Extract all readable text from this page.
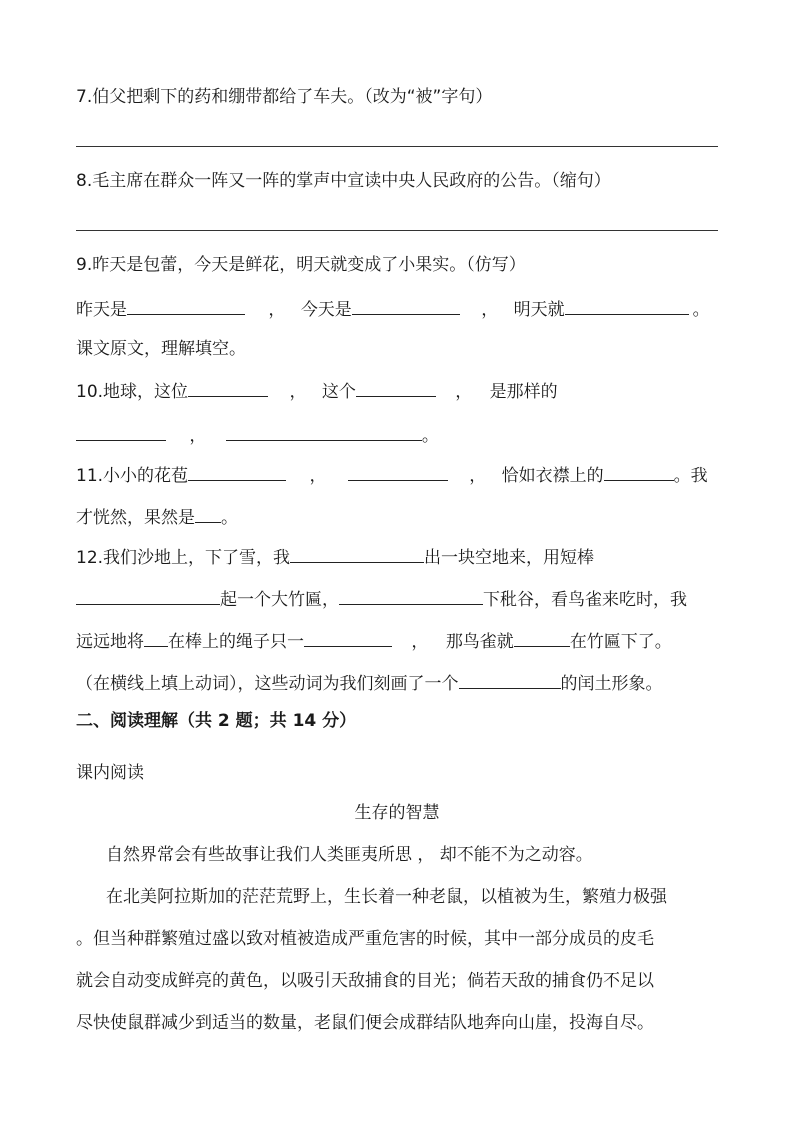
7.伯父把剩下的药和绷带都给了车夫。（改为“被”字句）
8.毛主席在群众一阵又一阵的掌声中宣读中央人民政府的公告。（缩句）
9.昨天是包蕾，今天是鲜花，明天就变成了小果实。（仿写）
昨天是	， 今天是	， 明天就	。
课文原文，理解填空。
10.地球，这位	， 这个	， 是那样的
，	。
11.小小的花苞	，	， 恰如衣襟上的	。我
才恍然，果然是 。
12.我们沙地上，下了雪，我	出一块空地来，用短棒
起一个大竹匾，	下秕谷，看鸟雀来吃时，我
远远地将 在棒上的绳子只一	， 那鸟雀就	在竹匾下了。
（在横线上填上动词），这些动词为我们刻画了一个	的闰土形象。
二、阅读理解（共 2 题；共 14 分）
课内阅读
生存的智慧
自然界常会有些故事让我们人类匪夷所思 ， 却不能不为之动容。
在北美阿拉斯加的茫茫荒野上，生长着一种老鼠，以植被为生，繁殖力极强
。但当种群繁殖过盛以致对植被造成严重危害的时候，其中一部分成员的皮毛
就会自动变成鲜亮的黄色，以吸引天敌捕食的目光；倘若天敌的捕食仍不足以
尽快使鼠群减少到适当的数量，老鼠们便会成群结队地奔向山崖，投海自尽。
